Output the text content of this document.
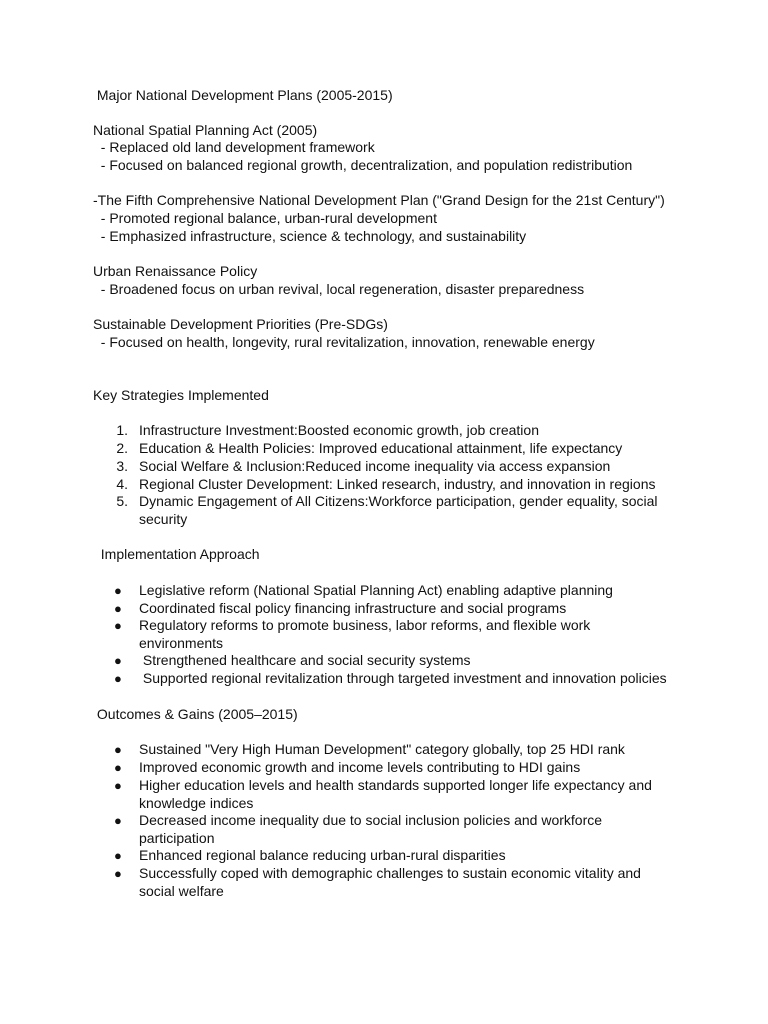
Major National Development Plans (2005-2015)
National Spatial Planning Act (2005)
- Replaced old land development framework
- Focused on balanced regional growth, decentralization, and population redistribution
-The Fifth Comprehensive National Development Plan ("Grand Design for the 21st Century")
- Promoted regional balance, urban-rural development
- Emphasized infrastructure, science & technology, and sustainability
Urban Renaissance Policy
- Broadened focus on urban revival, local regeneration, disaster preparedness
Sustainable Development Priorities (Pre-SDGs)
- Focused on health, longevity, rural revitalization, innovation, renewable energy
Key Strategies Implemented
1. Infrastructure Investment:Boosted economic growth, job creation
2. Education & Health Policies: Improved educational attainment, life expectancy
3. Social Welfare & Inclusion:Reduced income inequality via access expansion
4. Regional Cluster Development: Linked research, industry, and innovation in regions
5. Dynamic Engagement of All Citizens:Workforce participation, gender equality, social security
Implementation Approach
● Legislative reform (National Spatial Planning Act) enabling adaptive planning
● Coordinated fiscal policy financing infrastructure and social programs
● Regulatory reforms to promote business, labor reforms, and flexible work environments
● Strengthened healthcare and social security systems
● Supported regional revitalization through targeted investment and innovation policies
Outcomes & Gains (2005–2015)
● Sustained "Very High Human Development" category globally, top 25 HDI rank
● Improved economic growth and income levels contributing to HDI gains
● Higher education levels and health standards supported longer life expectancy and knowledge indices
● Decreased income inequality due to social inclusion policies and workforce participation
● Enhanced regional balance reducing urban-rural disparities
● Successfully coped with demographic challenges to sustain economic vitality and social welfare
